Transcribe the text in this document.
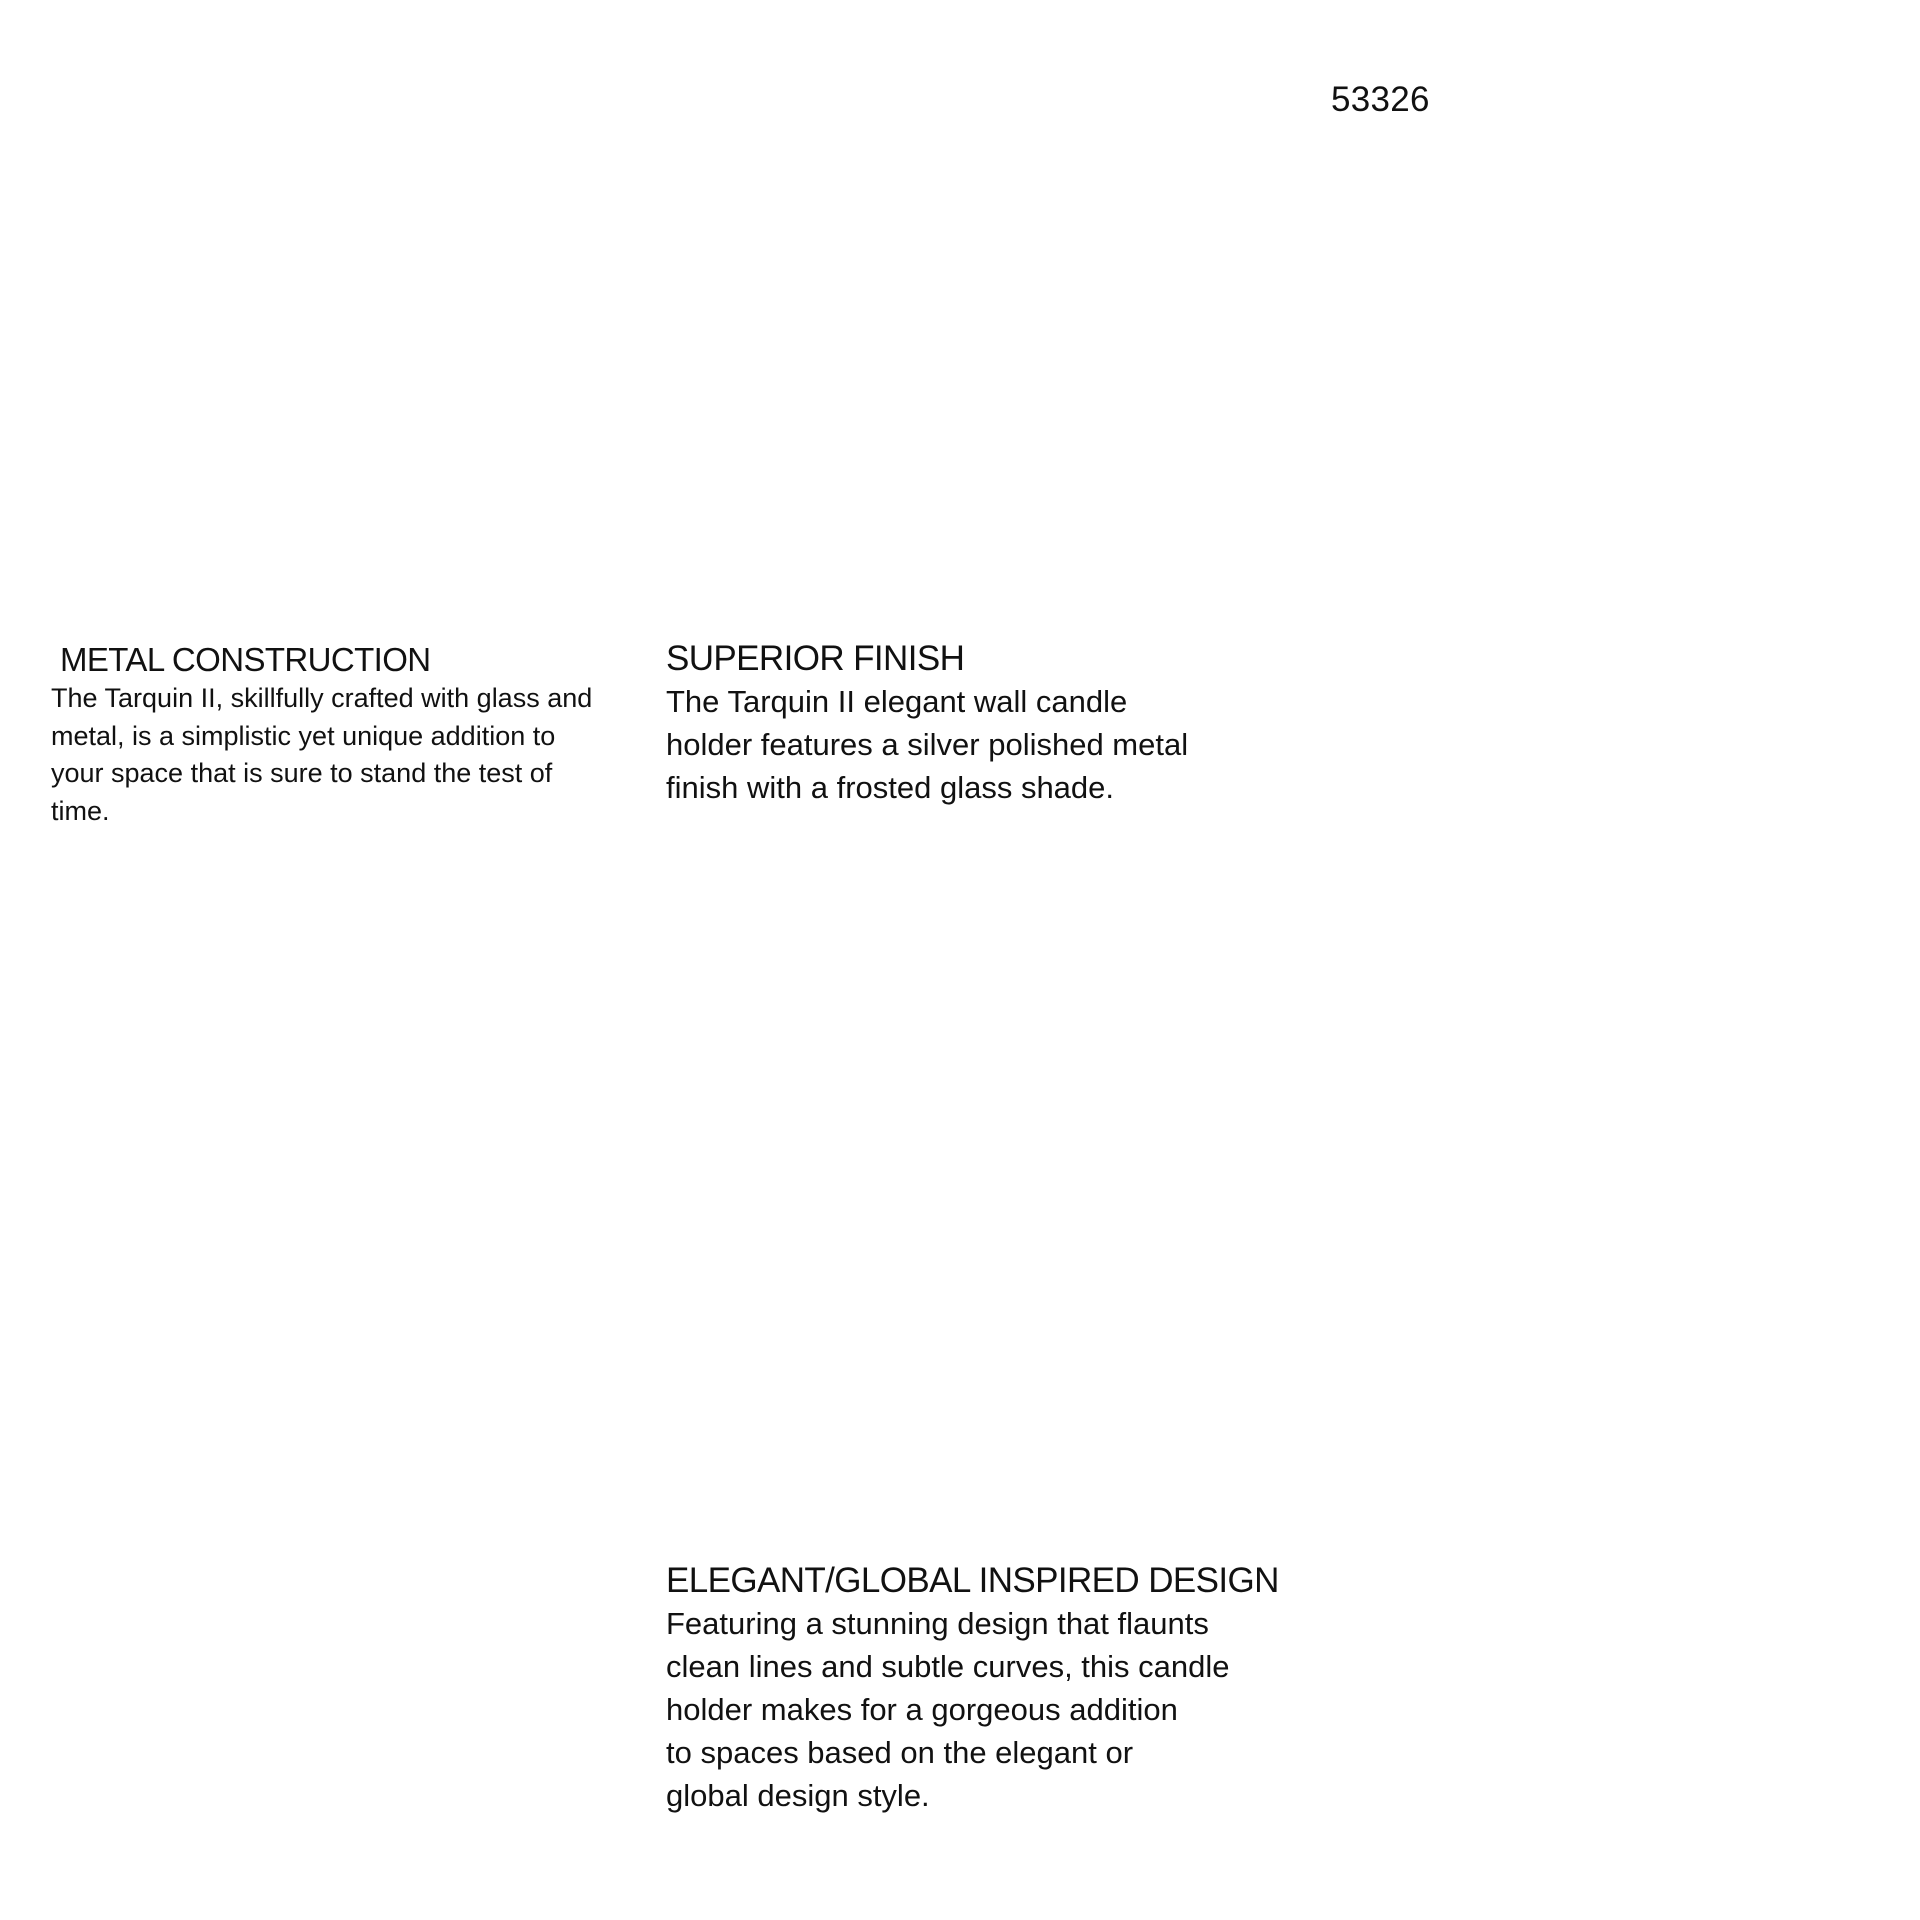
53326

METAL CONSTRUCTION

The Tarquin II, skillfully crafted with glass and
metal, is a simplistic yet unique addition to
your space that is sure to stand the test of
time.

SUPERIOR FINISH

The Tarquin II elegant wall candle
holder features a silver polished metal
finish with a frosted glass shade.

ELEGANT/GLOBAL INSPIRED DESIGN

Featuring a stunning design that flaunts
clean lines and subtle curves, this candle
holder makes for a gorgeous addition
to spaces based on the elegant or
global design style.
